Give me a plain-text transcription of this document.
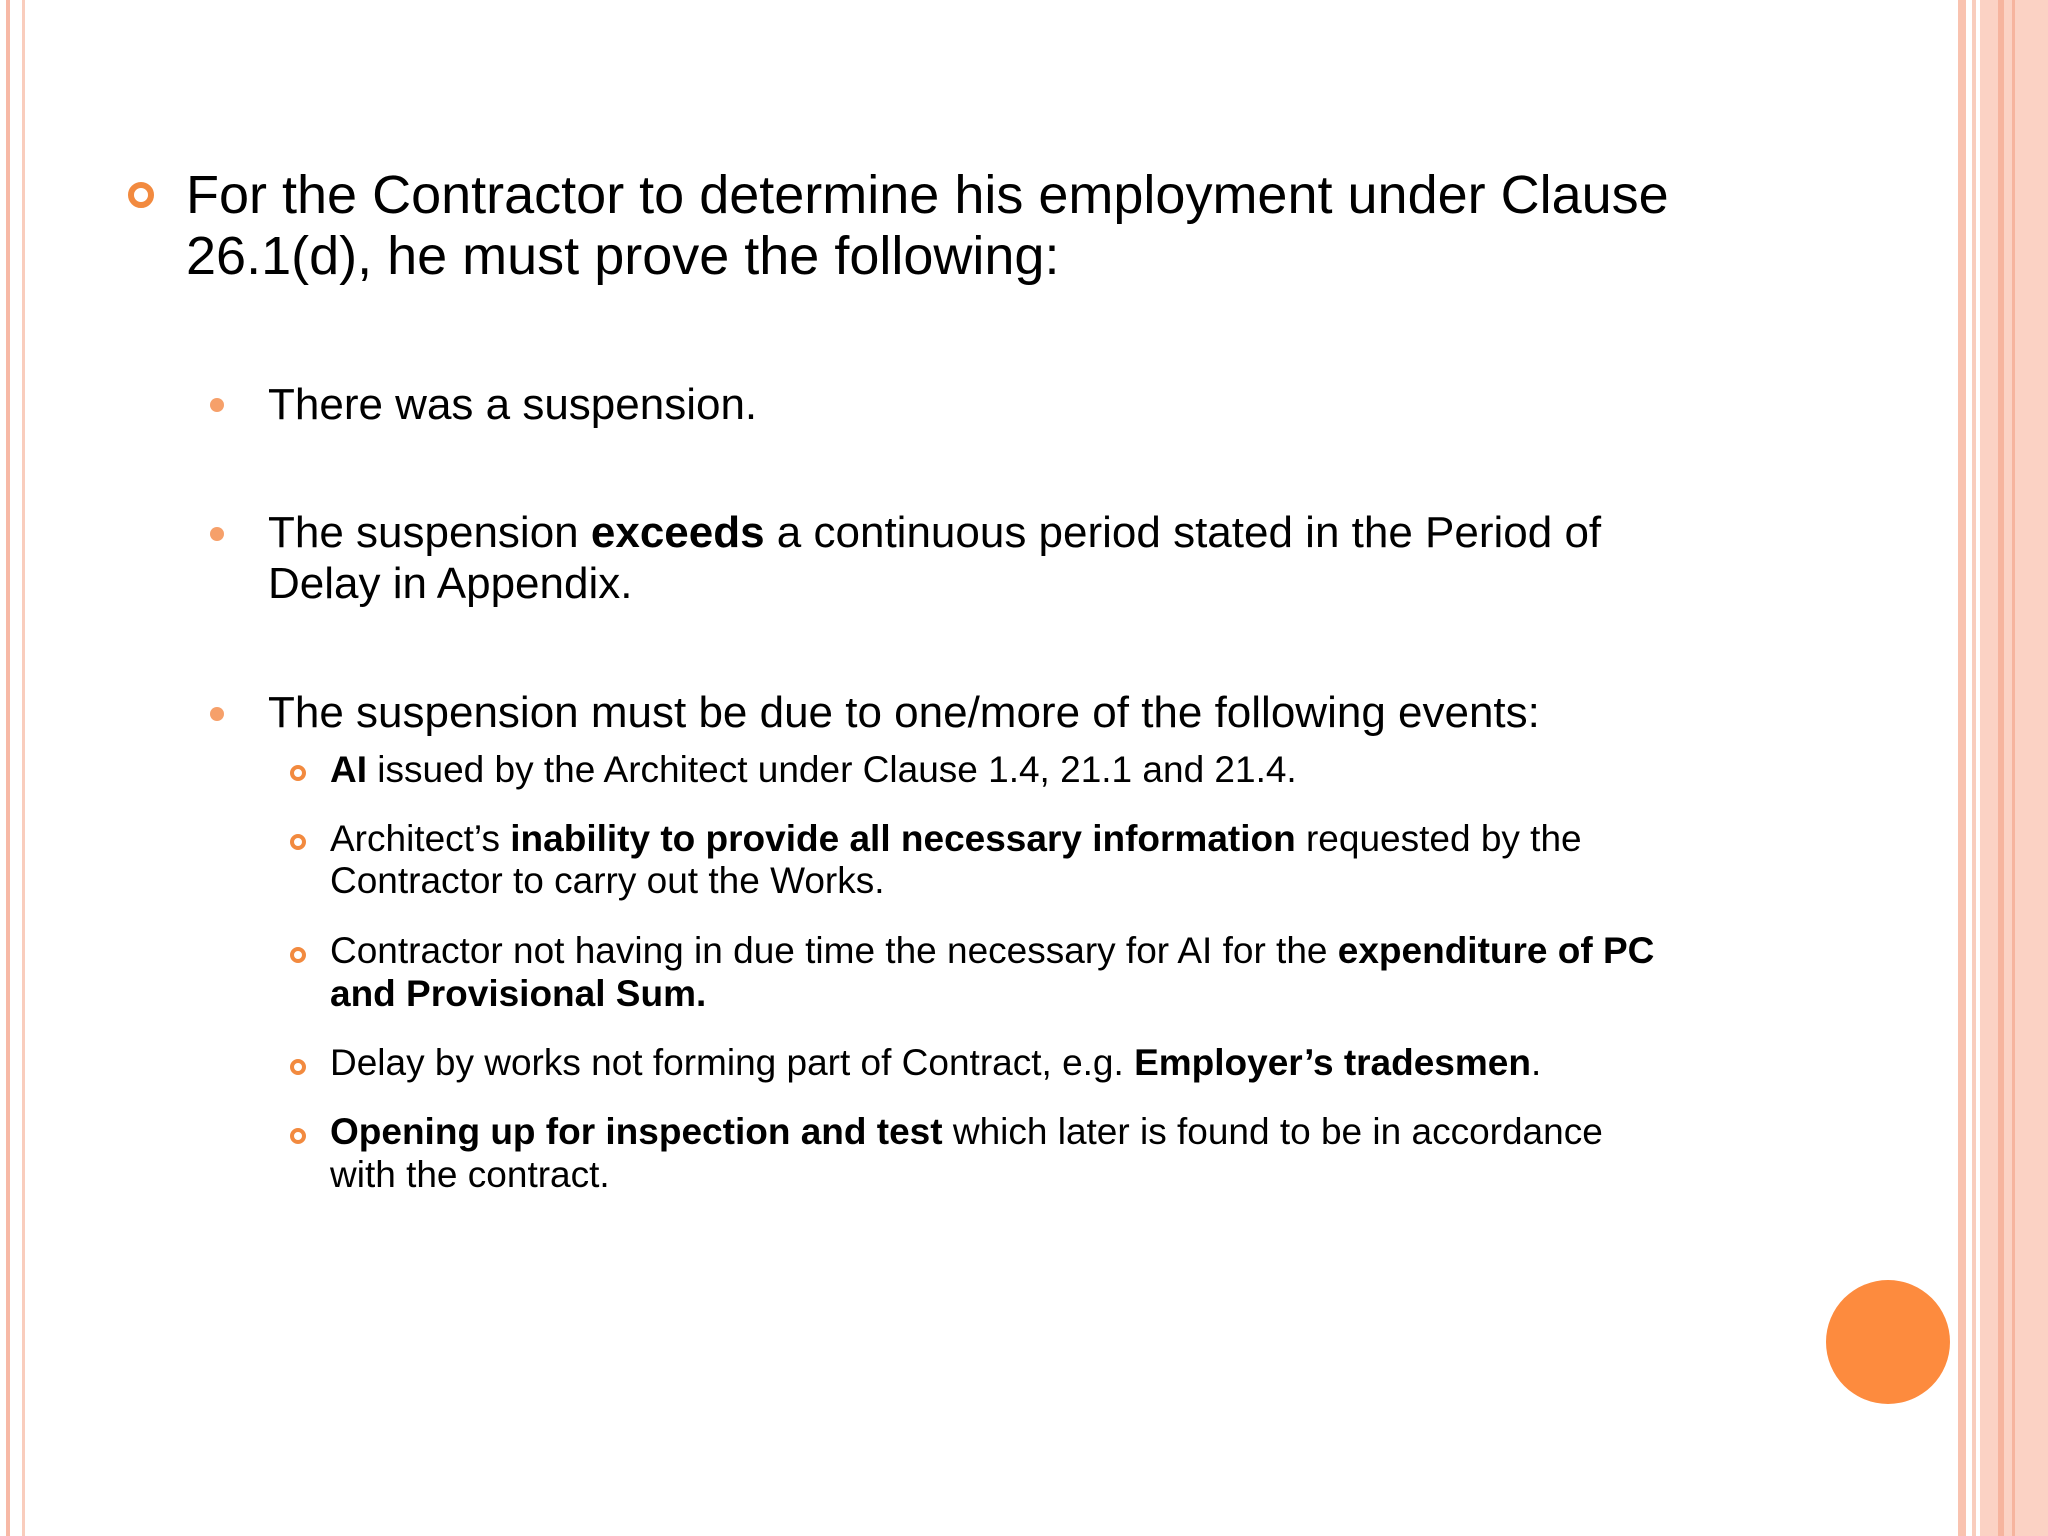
For the Contractor to determine his employment under Clause
26.1(d), he must prove the following:
There was a suspension.
The suspension exceeds a continuous period stated in the Period of
Delay in Appendix.
The suspension must be due to one/more of the following events:
AI issued by the Architect under Clause 1.4, 21.1 and 21.4.
Architect’s inability to provide all necessary information requested by the
Contractor to carry out the Works.
Contractor not having in due time the necessary for AI for the expenditure of PC
and Provisional Sum.
Delay by works not forming part of Contract, e.g. Employer’s tradesmen.
Opening up for inspection and test which later is found to be in accordance
with the contract.
